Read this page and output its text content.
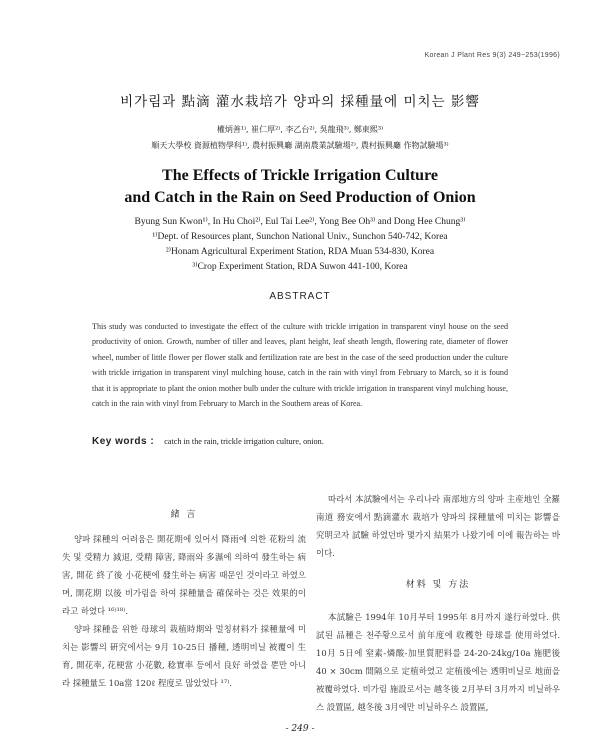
Korean J Plant Res 9(3) 249−253(1996)
비가림과 點滴 灌水栽培가 양파의 採種量에 미치는 影響
權炳善¹⁾, 崔仁厚²⁾, 李乙台²⁾, 吳龍飛³⁾, 鄭東熙³⁾
順天大學校 資源植物學科¹⁾, 農村振興廳 湖南農業試驗場²⁾, 農村振興廳 作物試驗場³⁾
The Effects of Trickle Irrigation Culture
and Catch in the Rain on Seed Production of Onion
Byung Sun Kwon¹⁾, In Hu Choi²⁾, Eul Tai Lee²⁾, Yong Bee Oh³⁾ and Dong Hee Chung³⁾
¹⁾Dept. of Resources plant, Sunchon National Univ., Sunchon 540-742, Korea
²⁾Honam Agricultural Experiment Station, RDA Muan 534-830, Korea
³⁾Crop Experiment Station, RDA Suwon 441-100, Korea
ABSTRACT
This study was conducted to investigate the effect of the culture with trickle irrigation in transparent vinyl house on the seed productivity of onion. Growth, number of tiller and leaves, plant height, leaf sheath length, flowering rate, diameter of flower wheel, number of little flower per flower stalk and fertilization rate are best in the case of the seed production under the culture with trickle irrigation in transparent vinyl mulching house, catch in the rain with vinyl from February to March, so it is found that it is appropriate to plant the onion mother bulb under the culture with trickle irrigation in transparent vinyl mulching house, catch in the rain with vinyl from February to March in the Southern areas of Korea.
Key words : catch in the rain, trickle irrigation culture, onion.
緒 言

양파 採種의 어려움은 開花期에 있어서 降雨에 의한 花粉의 流失 및 受精力 減退, 受精 障害, 降雨와 多濕에 의하여 發生하는 病害, 開花 終了後 小花梗에 發生하는 病害 때문인 것이라고 하였으며, 開花期 以後 비가림을 하여 採種量을 確保하는 것은 效果的이라고 하였다 ¹⁶⁾¹⁸⁾.

양파 採種을 위한 母球의 栽植時期와 멀칭材料가 採種量에 미치는 影響의 硏究에서는 9月 10-25日 播種, 透明비닐 被覆이 生育, 開花率, 花梗當 小花數, 稔實率 등에서 良好 하였을 뿐만 아니라 採種量도 10a當 120ℓ 程度로 많았었다 ¹⁷⁾.

따라서 本試驗에서는 우리나라 南部地方의 양파 主産地인 全羅南道 務安에서 點滴灌水 栽培가 양파의 採種量에 미치는 影響을 究明코자 試驗 하였던바 몇가지 結果가 나왔기에 이에 報告하는 바이다.

材料 및 方法

本試驗은 1994年 10月부터 1995年 8月까지 遂行하였다. 供試된 品種은 천주황으로서 前年度에 收穫한 母球를 使用하였다. 10月 5日에 窒素-燐酸-加里質肥料를 24-20-24kg/10a 施肥後 40 × 30cm 間隔으로 定植하였고 定植後에는 透明비닐로 地面을 被覆하였다. 비가림 施設로서는 越冬後 2月부터 3月까지 비닐하우스 設置區, 越冬後 3月에만 비닐하우스 設置區,

- 249 -
